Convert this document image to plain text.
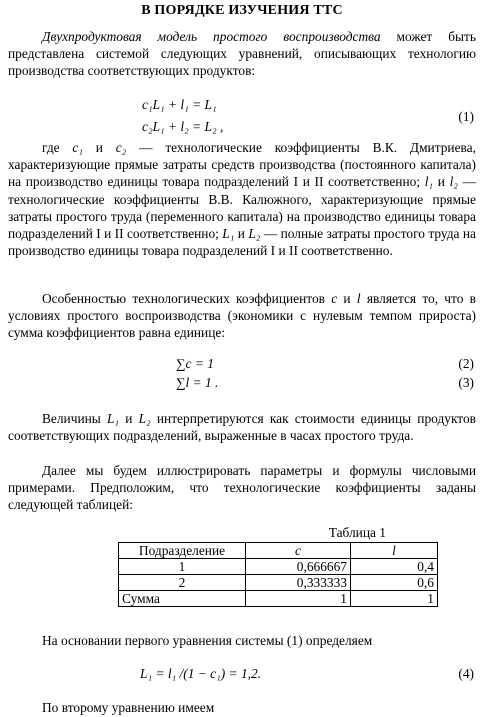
В ПОРЯДКЕ ИЗУЧЕНИЯ ТТС

Двухпродуктовая модель простого воспроизводства может быть представлена системой следующих уравнений, описывающих технологию производства соответствующих продуктов:

c₁L₁ + l₁ = L₁
(1)
c₂L₁ + l₂ = L₂ ,

где c₁ и c₂ — технологические коэффициенты В.К. Дмитриева, характеризующие прямые затраты средств производства (постоянного капитала) на производство единицы товара подразделений I и II соответственно; l₁ и l₂ — технологические коэффициенты В.В. Калюжного, характеризующие прямые затраты простого труда (переменного капитала) на производство единицы товара подразделений I и II соответственно; L₁ и L₂ — полные затраты простого труда на производство единицы товара подразделений I и II соответственно.

Особенностью технологических коэффициентов c и l является то, что в условиях простого воспроизводства (экономики с нулевым темпом прироста) сумма коэффициентов равна единице:

∑c = 1	(2)
∑l = 1 .	(3)

Величины L₁ и L₂ интерпретируются как стоимости единицы продуктов соответствующих подразделений, выраженные в часах простого труда.

Далее мы будем иллюстрировать параметры и формулы числовыми примерами. Предположим, что технологические коэффициенты заданы следующей таблицей:

Таблица 1
Подразделение	c	l
1	0,666667	0,4
2	0,333333	0,6
Сумма	1	1

На основании первого уравнения системы (1) определяем

L₁ = l₁ /(1 − c₁) = 1,2.	(4)

По второму уравнению имеем
